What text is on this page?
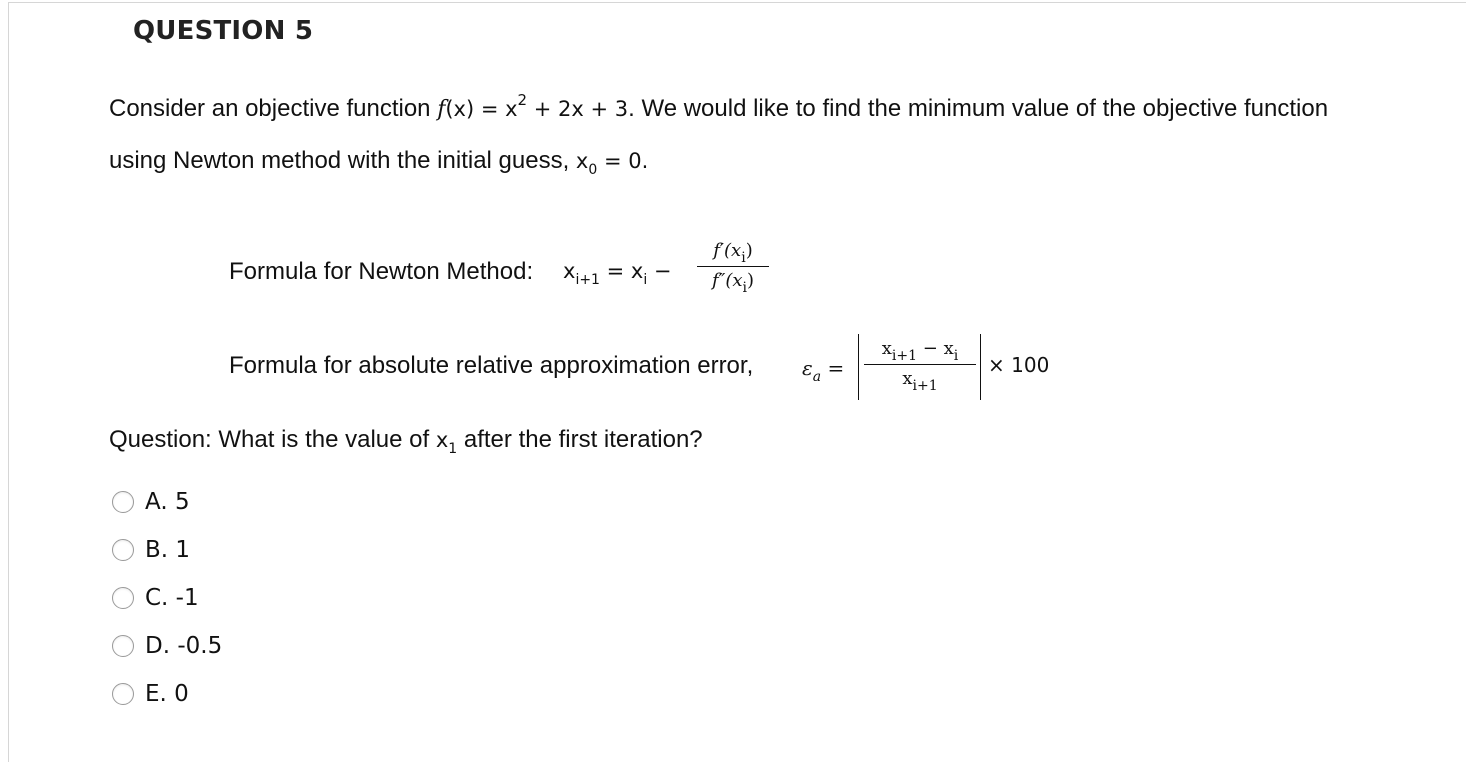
QUESTION 5
Consider an objective function $f(x) = x^2 + 2x + 3$. We would like to find the minimum value of the objective function
using Newton method with the initial guess, $x_0 = 0$.
Formula for Newton Method: $x_{i+1} = x_i$ −
$f'(x_i)$
$f''(x_i)$
Formula for absolute relative approximation error, $\varepsilon_a$ =
$x_{i+1} - x_i$
$x_{i+1}$
× 100
Question: What is the value of $x_1$ after the first iteration?
A. 5
B. 1
C. -1
D. -0.5
E. 0
